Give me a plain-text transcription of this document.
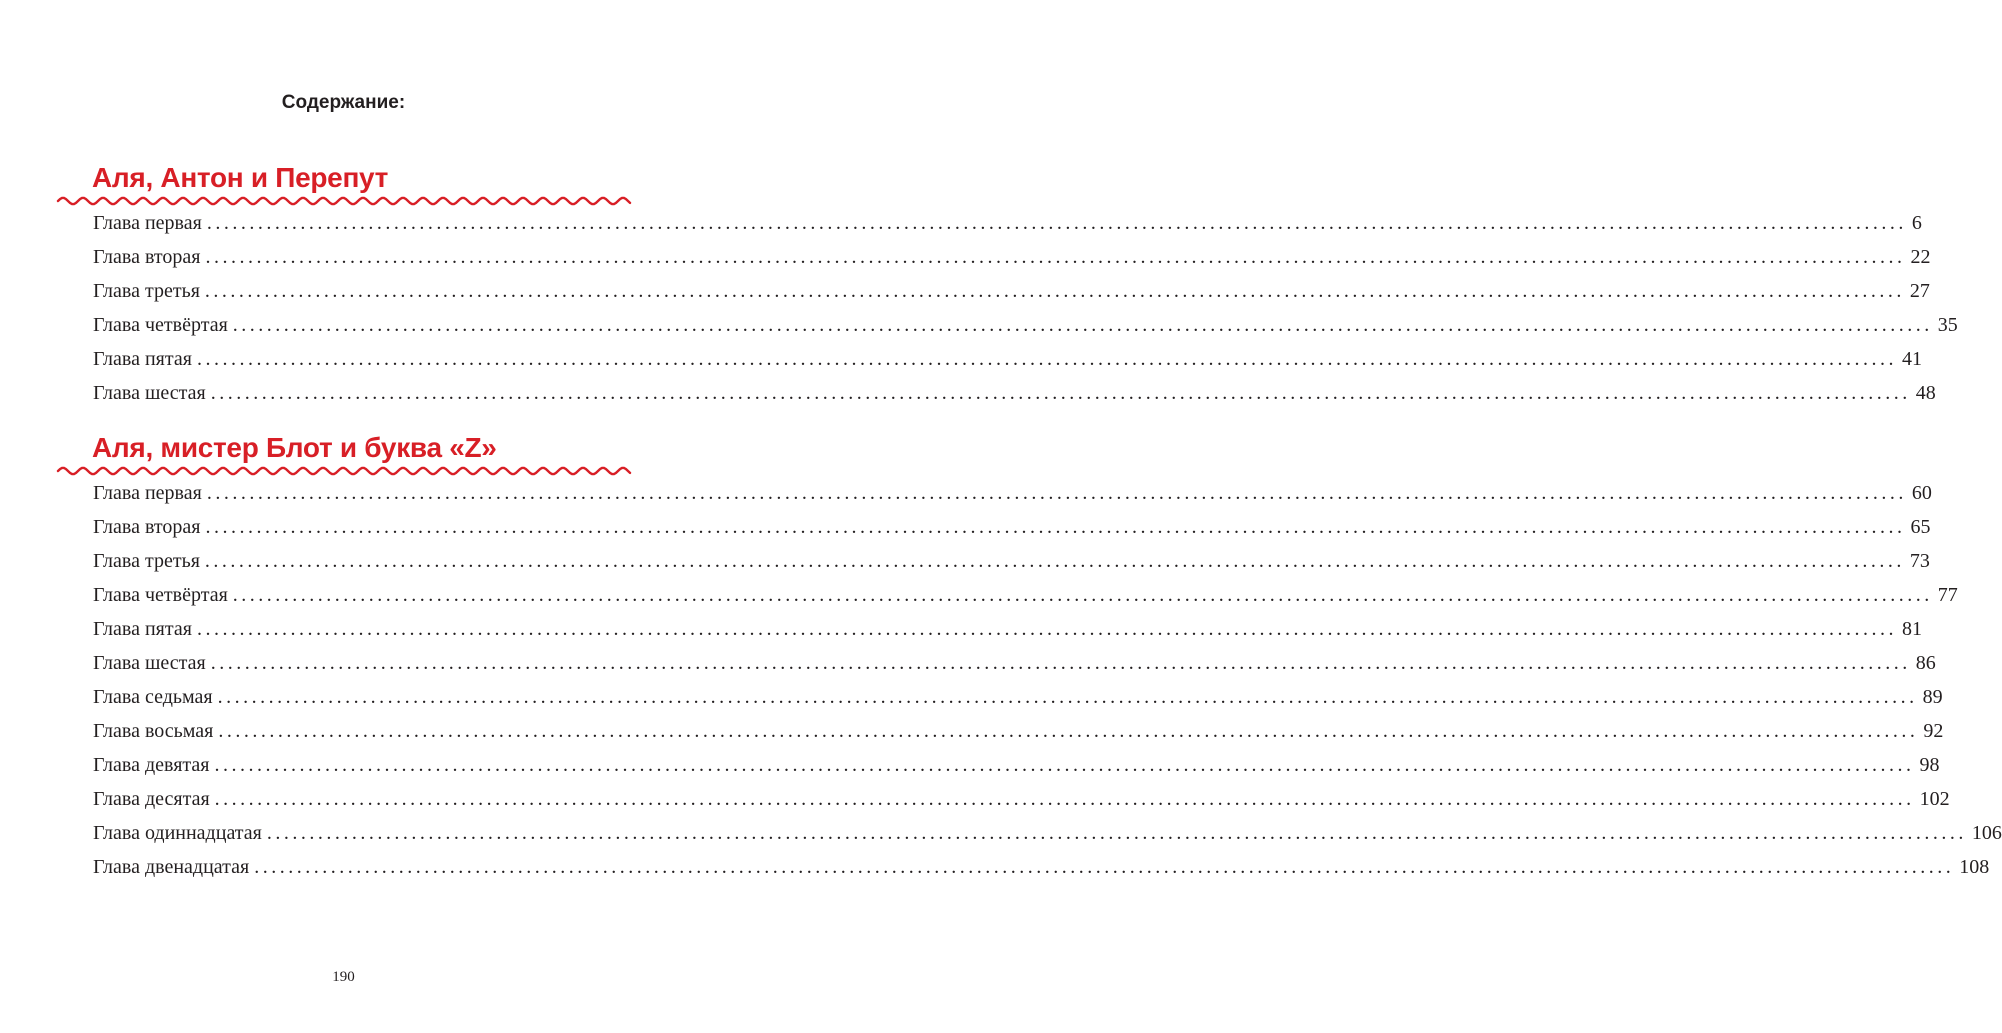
Содержание:
Аля, Антон и Перепут
Глава первая ........................................................................................................................................................................................................ 6
Глава вторая ........................................................................................................................................................................................................ 22
Глава третья ........................................................................................................................................................................................................ 27
Глава четвёртая ........................................................................................................................................................................................................ 35
Глава пятая ........................................................................................................................................................................................................ 41
Глава шестая ........................................................................................................................................................................................................ 48
Аля, мистер Блот и буква «Z»
Глава первая ........................................................................................................................................................................................................ 60
Глава вторая ........................................................................................................................................................................................................ 65
Глава третья ........................................................................................................................................................................................................ 73
Глава четвёртая ........................................................................................................................................................................................................ 77
Глава пятая ........................................................................................................................................................................................................ 81
Глава шестая ........................................................................................................................................................................................................ 86
Глава седьмая ........................................................................................................................................................................................................ 89
Глава восьмая ........................................................................................................................................................................................................ 92
Глава девятая ........................................................................................................................................................................................................ 98
Глава десятая ........................................................................................................................................................................................................ 102
Глава одиннадцатая ........................................................................................................................................................................................................ 106
Глава двенадцатая ........................................................................................................................................................................................................ 108
190
